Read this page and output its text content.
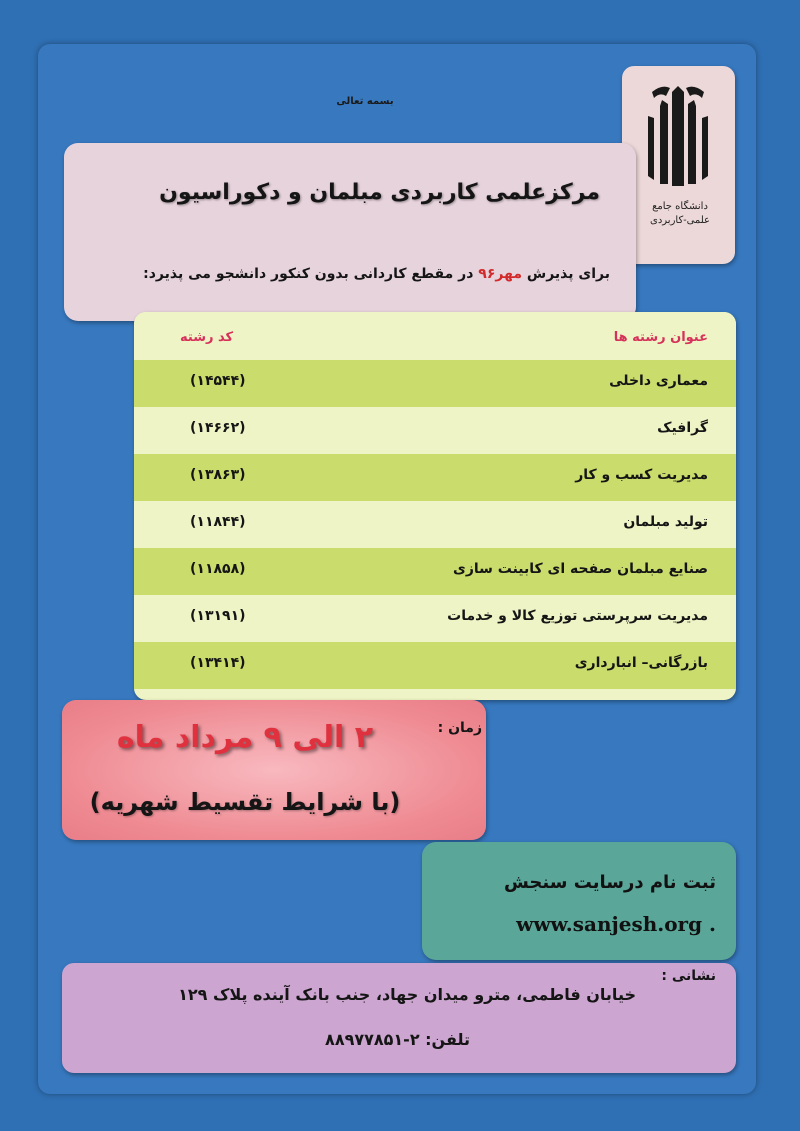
بسمه تعالی
دانشگاه جامع
علمی-کاربردی
مرکزعلمی کاربردی مبلمان و دکوراسیون
برای پذیرش مهر۹۶ در مقطع کاردانی بدون کنکور دانشجو می پذیرد:
عنوان رشته ها
کد رشته
معماری داخلی
(۱۴۵۴۴)
گرافیک
(۱۴۶۶۲)
مدیریت کسب و کار
(۱۳۸۶۳)
تولید مبلمان
(۱۱۸۴۴)
صنایع مبلمان صفحه ای کابینت سازی
(۱۱۸۵۸)
مدیریت سرپرستی توزیع کالا و خدمات
(۱۳۱۹۱)
بازرگانی– انبارداری
(۱۳۴۱۴)
زمان :
۲ الی ۹ مرداد ماه
(با شرایط تقسیط شهریه)
ثبت نام درسایت سنجش
www.sanjesh.org .
نشانی :
خیابان فاطمی، مترو میدان جهاد، جنب بانک آینده پلاک ۱۲۹
تلفن: ۲-۸۸۹۷۷۸۵۱
